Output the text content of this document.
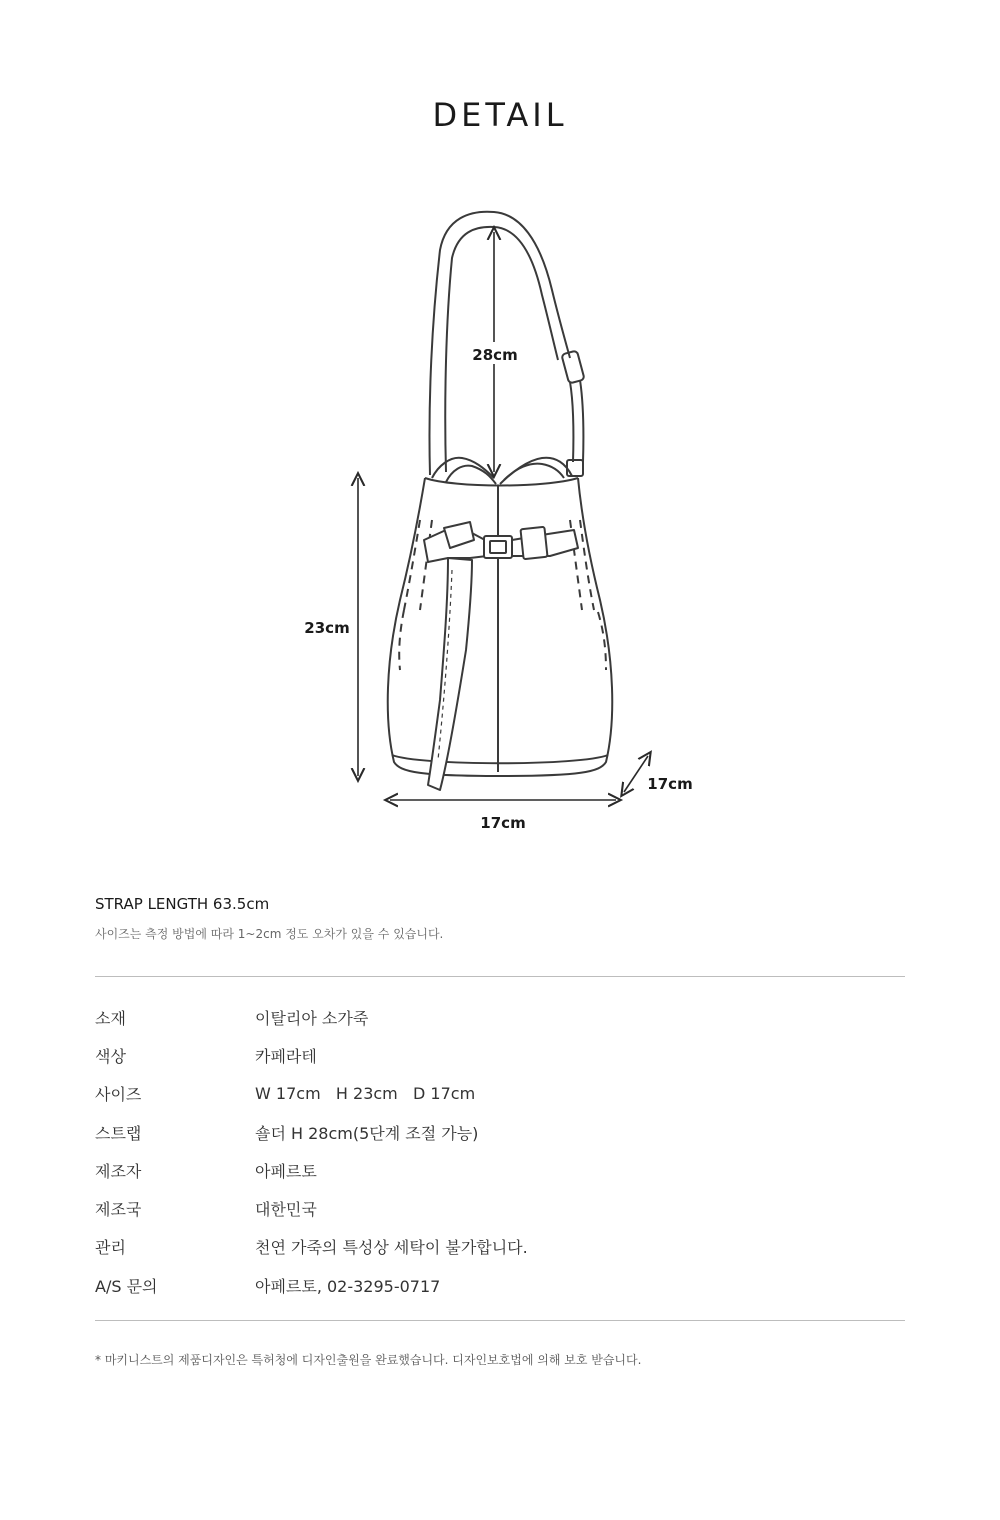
DETAIL
28cm
23cm
17cm
17cm
STRAP LENGTH 63.5cm
사이즈는 측정 방법에 따라 1~2cm 정도 오차가 있을 수 있습니다.
소재	이탈리아 소가죽
색상	카페라테
사이즈	W 17cm   H 23cm   D 17cm
스트랩	숄더 H 28cm(5단계 조절 가능)
제조자	아페르토
제조국	대한민국
관리	천연 가죽의 특성상 세탁이 불가합니다.
A/S 문의	아페르토, 02-3295-0717
* 마키니스트의 제품디자인은 특허청에 디자인출원을 완료했습니다. 디자인보호법에 의해 보호 받습니다.
